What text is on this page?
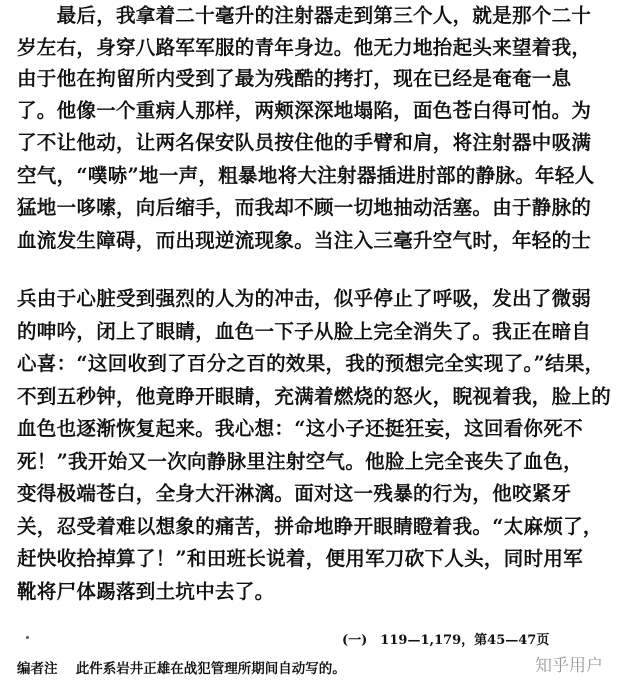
　　最后，我拿着二十毫升的注射器走到第三个人，就是那个二十
岁左右，身穿八路军军服的青年身边。他无力地抬起头来望着我，
由于他在拘留所内受到了最为残酷的拷打，现在已经是奄奄一息
了。他像一个重病人那样，两颊深深地塌陷，面色苍白得可怕。为
了不让他动，让两名保安队员按住他的手臂和肩，将注射器中吸满
空气，“噗哧”地一声，粗暴地将大注射器插进肘部的静脉。年轻人
猛地一哆嗦，向后缩手，而我却不顾一切地抽动活塞。由于静脉的
血流发生障碍，而出现逆流现象。当注入三毫升空气时，年轻的士
兵由于心脏受到强烈的人为的冲击，似乎停止了呼吸，发出了微弱
的呻吟，闭上了眼睛，血色一下子从脸上完全消失了。我正在暗自
心喜：“这回收到了百分之百的效果，我的预想完全实现了。”结果，
不到五秒钟，他竟睁开眼睛，充满着燃烧的怒火，睨视着我，脸上的
血色也逐渐恢复起来。我心想：“这小子还挺狂妄，这回看你死不
死！”我开始又一次向静脉里注射空气。他脸上完全丧失了血色，
变得极端苍白，全身大汗淋漓。面对这一残暴的行为，他咬紧牙
关，忍受着难以想象的痛苦，拼命地睁开眼睛瞪着我。“太麻烦了，
赶快收拾掉算了！”和田班长说着，便用军刀砍下人头，同时用军
靴将尸体踢落到土坑中去了。
(一)　119—1,179，第45—47页
编者注 此件系岩井正雄在战犯管理所期间自动写的。	知乎用户
